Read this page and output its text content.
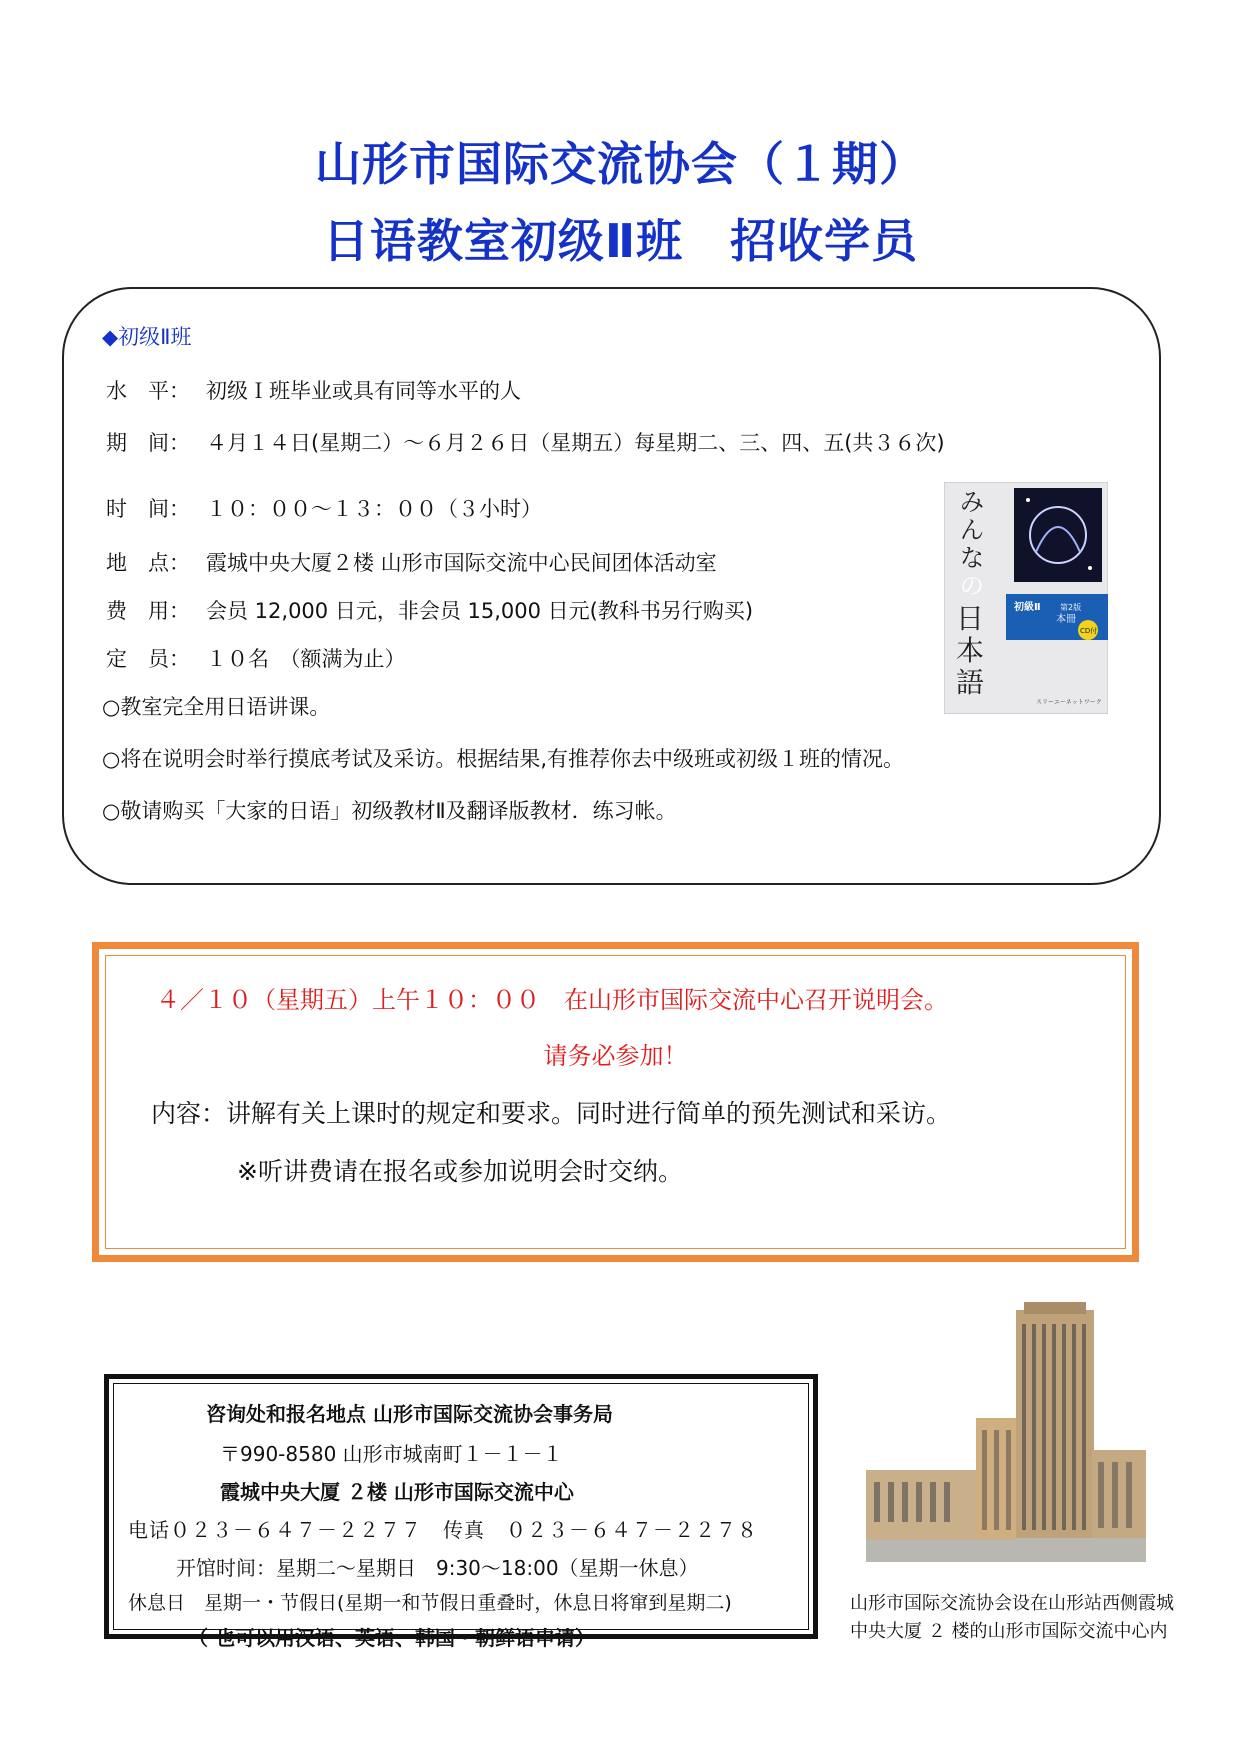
山形市国际交流协会（１期）
日语教室初级Ⅱ班　招收学员
◆初级Ⅱ班
水　平： 初级Ｉ班毕业或具有同等水平的人
期　间： ４月１４日(星期二）～６月２６日（星期五）每星期二、三、四、五(共３６次)
时　间： １０：００～１３：００（３小时）
地　点： 霞城中央大厦２楼 山形市国际交流中心民间团体活动室
费　用： 会员 12,000 日元，非会员 15,000 日元(教科书另行购买)
定　员： １０名　（额满为止）
○教室完全用日语讲课。
○将在说明会时举行摸底考试及采访。根据结果,有推荐你去中级班或初级１班的情况。
○敬请购买「大家的日语」初级教材Ⅱ及翻译版教材．练习帐。
み
ん
な
の
日
本
語
初級Ⅱ 第2版
本冊
CD付
スリーエーネットワーク
４／１０（星期五）上午１０：００　在山形市国际交流中心召开说明会。
请务必参加！
内容：讲解有关上课时的规定和要求。同时进行简单的预先测试和采访。
※听讲费请在报名或参加说明会时交纳。
咨询处和报名地点 山形市国际交流协会事务局
〒990-8580 山形市城南町１－１－１
霞城中央大厦 ２楼 山形市国际交流中心
电话０２３－６４７－２２７７　传真　０２３－６４７－２２７８
开馆时间：星期二～星期日　9:30～18:00（星期一休息）
休息日　星期一・节假日(星期一和节假日重叠时，休息日将窜到星期二)
（ 也可以用汉语、英语、韩国・朝鲜语申请）
山形市国际交流协会设在山形站西侧霞城中央大厦 ２ 楼的山形市国际交流中心内
